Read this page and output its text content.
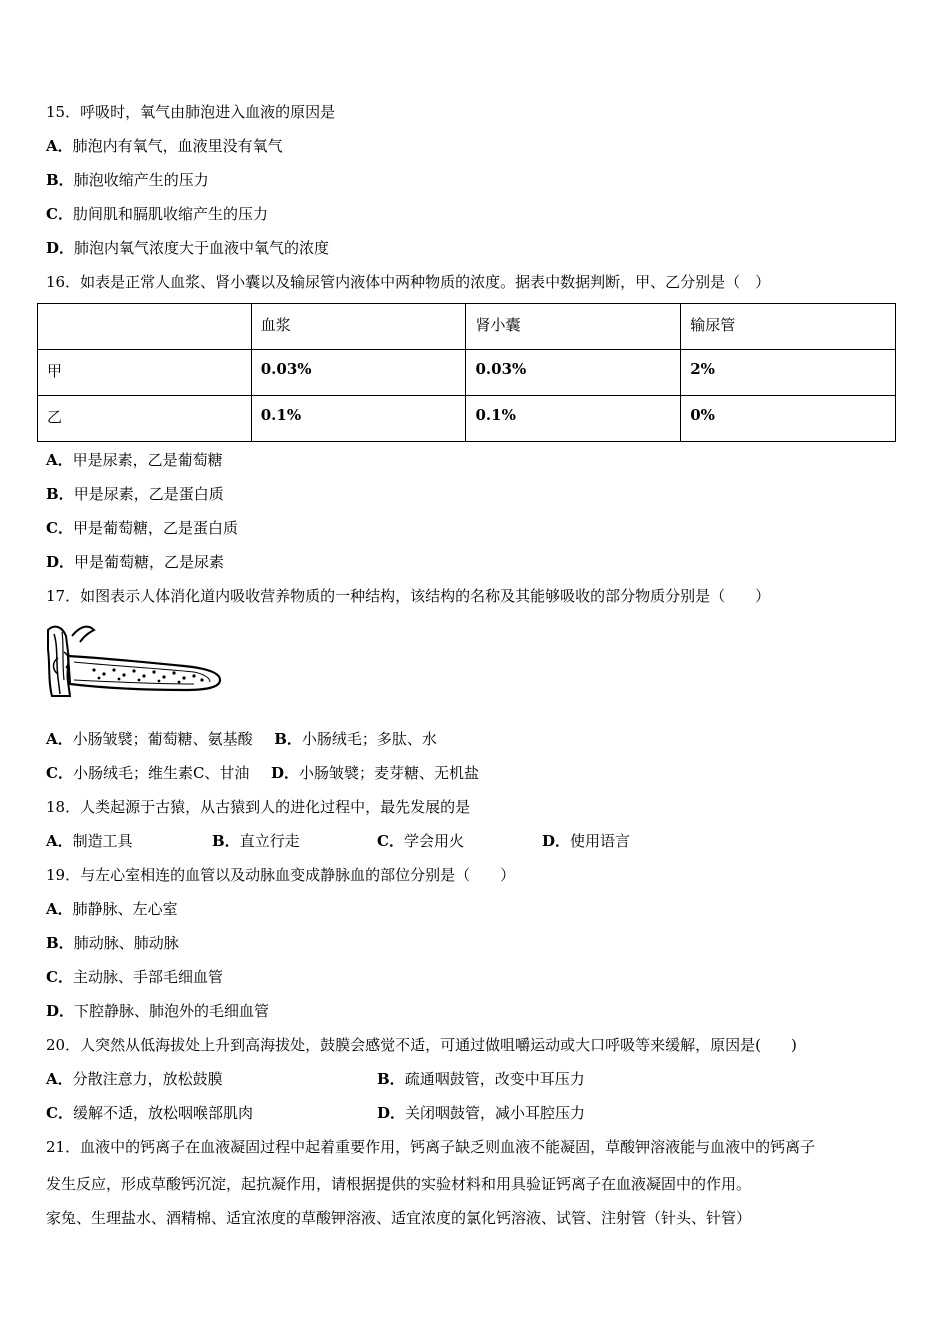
15．呼吸时，氧气由肺泡进入血液的原因是
A．肺泡内有氧气，血液里没有氧气
B．肺泡收缩产生的压力
C．肋间肌和膈肌收缩产生的压力
D．肺泡内氧气浓度大于血液中氧气的浓度
16．如表是正常人血浆、肾小囊以及输尿管内液体中两种物质的浓度。据表中数据判断，甲、乙分别是（　）
	血浆	肾小囊	输尿管
甲	0.03%	0.03%	2%
乙	0.1%	0.1%	0%
A．甲是尿素，乙是葡萄糖
B．甲是尿素，乙是蛋白质
C．甲是葡萄糖，乙是蛋白质
D．甲是葡萄糖，乙是尿素
17．如图表示人体消化道内吸收营养物质的一种结构，该结构的名称及其能够吸收的部分物质分别是（　　）
A．小肠皱襞；葡萄糖、氨基酸 B．小肠绒毛；多肽、水
C．小肠绒毛；维生素C、甘油 D．小肠皱襞；麦芽糖、无机盐
18．人类起源于古猿，从古猿到人的进化过程中，最先发展的是
A．制造工具	B．直立行走	C．学会用火	D．使用语言
19．与左心室相连的血管以及动脉血变成静脉血的部位分别是（　　）
A．肺静脉、左心室
B．肺动脉、肺动脉
C．主动脉、手部毛细血管
D．下腔静脉、肺泡外的毛细血管
20．人突然从低海拔处上升到高海拔处，鼓膜会感觉不适，可通过做咀嚼运动或大口呼吸等来缓解，原因是(　　)
A．分散注意力，放松鼓膜	B．疏通咽鼓管，改变中耳压力
C．缓解不适，放松咽喉部肌肉	D．关闭咽鼓管，减小耳腔压力
21．血液中的钙离子在血液凝固过程中起着重要作用，钙离子缺乏则血液不能凝固，草酸钾溶液能与血液中的钙离子
发生反应，形成草酸钙沉淀，起抗凝作用，请根据提供的实验材料和用具验证钙离子在血液凝固中的作用。
家兔、生理盐水、酒精棉、适宜浓度的草酸钾溶液、适宜浓度的氯化钙溶液、试管、注射管（针头、针管）
